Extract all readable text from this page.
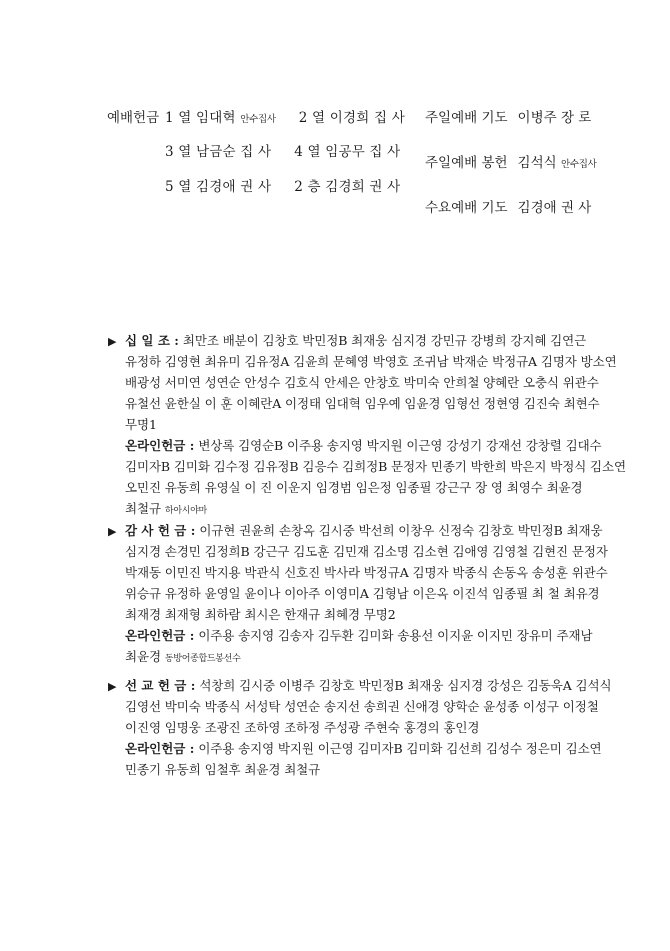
예배헌금 1 열 임대혁 안수집사 2 열 이경희 집 사
3 열 남금순 집 사 4 열 임공무 집 사
5 열 김경애 권 사 2 층 김경희 권 사
주일예배 기도 이병주 장 로
주일예배 봉헌 김석식 안수집사
수요예배 기도 김경애 권 사
▶ 십 일 조 : 최만조 배분이 김창호 박민정B 최재웅 심지경 강민규 강병희 강지혜 김연근
유정하 김영현 최유미 김유정A 김윤희 문혜영 박영호 조귀남 박재순 박정규A 김명자 방소연
배광성 서미연 성연순 안성수 김호식 안세은 안창호 박미숙 안희철 양혜란 오충식 위관수
유철선 윤한실 이 훈 이혜란A 이정태 임대혁 임우예 임윤경 임형선 정현영 김진숙 최현수
무명1
온라인헌금 : 변상록 김영순B 이주용 송지영 박지원 이근영 강성기 강재선 강창렬 김대수
김미자B 김미화 김수정 김유정B 김응수 김희정B 문정자 민종기 박한희 박은지 박정식 김소연
오민진 유동희 유영실 이 진 이운지 임경범 임은정 임종필 강근구 장 영 최영수 최윤경
최철규 하아시야마
▶ 감 사 헌 금 : 이규현 권윤희 손창옥 김시중 박선희 이창우 신정숙 김창호 박민정B 최재웅
심지경 손경민 김정희B 강근구 김도훈 김민재 김소명 김소현 김애영 김영철 김현진 문정자
박재동 이민진 박지용 박관식 신호진 박사라 박정규A 김명자 박종식 손동옥 송성훈 위관수
위승규 유정하 윤영일 윤이나 이아주 이영미A 김형남 이은옥 이진석 임종필 최 철 최유경
최재경 최재형 최하람 최시은 한재규 최혜경 무명2
온라인헌금 : 이주용 송지영 김송자 김두환 김미화 송용선 이지윤 이지민 장유미 주재남
최윤경 동방어종합드봉선수
▶ 선 교 헌 금 : 석창희 김시중 이병주 김창호 박민정B 최재웅 심지경 강성은 김동욱A 김석식
김영선 박미숙 박종식 서성탁 성연순 송지선 송희권 신애경 양학순 윤성종 이성구 이정철
이진영 임명웅 조광진 조하영 조하정 주성광 주현숙 홍경의 홍인경
온라인헌금 : 이주용 송지영 박지원 이근영 김미자B 김미화 김선희 김성수 정은미 김소연
민종기 유동희 임철후 최윤경 최철규
